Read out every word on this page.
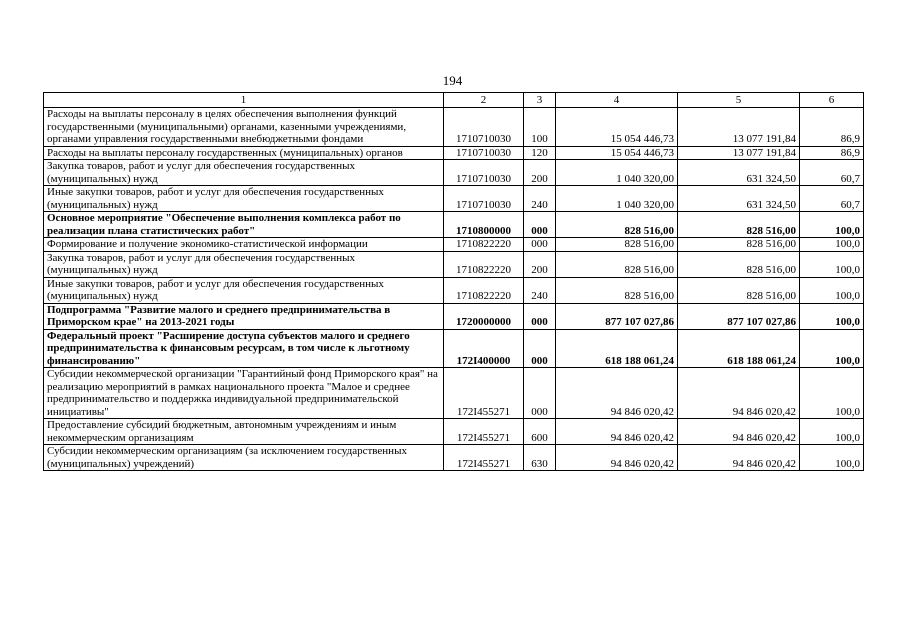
194
1	2	3	4	5	6
Расходы на выплаты персоналу в целях обеспечения выполнения функций государственными (муниципальными) органами, казенными учреждениями, органами управления государственными внебюджетными фондами	1710710030	100	15 054 446,73	13 077 191,84	86,9
Расходы на выплаты персоналу государственных (муниципальных) органов	1710710030	120	15 054 446,73	13 077 191,84	86,9
Закупка товаров, работ и услуг для обеспечения государственных (муниципальных) нужд	1710710030	200	1 040 320,00	631 324,50	60,7
Иные закупки товаров, работ и услуг для обеспечения государственных (муниципальных) нужд	1710710030	240	1 040 320,00	631 324,50	60,7
Основное мероприятие "Обеспечение выполнения комплекса работ по реализации плана статистических работ"	1710800000	000	828 516,00	828 516,00	100,0
Формирование и получение экономико-статистической информации	1710822220	000	828 516,00	828 516,00	100,0
Закупка товаров, работ и услуг для обеспечения государственных (муниципальных) нужд	1710822220	200	828 516,00	828 516,00	100,0
Иные закупки товаров, работ и услуг для обеспечения государственных (муниципальных) нужд	1710822220	240	828 516,00	828 516,00	100,0
Подпрограмма "Развитие малого и среднего предпринимательства в Приморском крае" на 2013-2021 годы	1720000000	000	877 107 027,86	877 107 027,86	100,0
Федеральный проект "Расширение доступа субъектов малого и среднего предпринимательства к финансовым ресурсам, в том числе к льготному финансированию"	172I400000	000	618 188 061,24	618 188 061,24	100,0
Субсидии некоммерческой организации "Гарантийный фонд Приморского края" на реализацию мероприятий в рамках национального проекта "Малое и среднее предпринимательство и поддержка индивидуальной предпринимательской инициативы"	172I455271	000	94 846 020,42	94 846 020,42	100,0
Предоставление субсидий бюджетным, автономным учреждениям и иным некоммерческим организациям	172I455271	600	94 846 020,42	94 846 020,42	100,0
Субсидии некоммерческим организациям (за исключением государственных (муниципальных) учреждений)	172I455271	630	94 846 020,42	94 846 020,42	100,0
